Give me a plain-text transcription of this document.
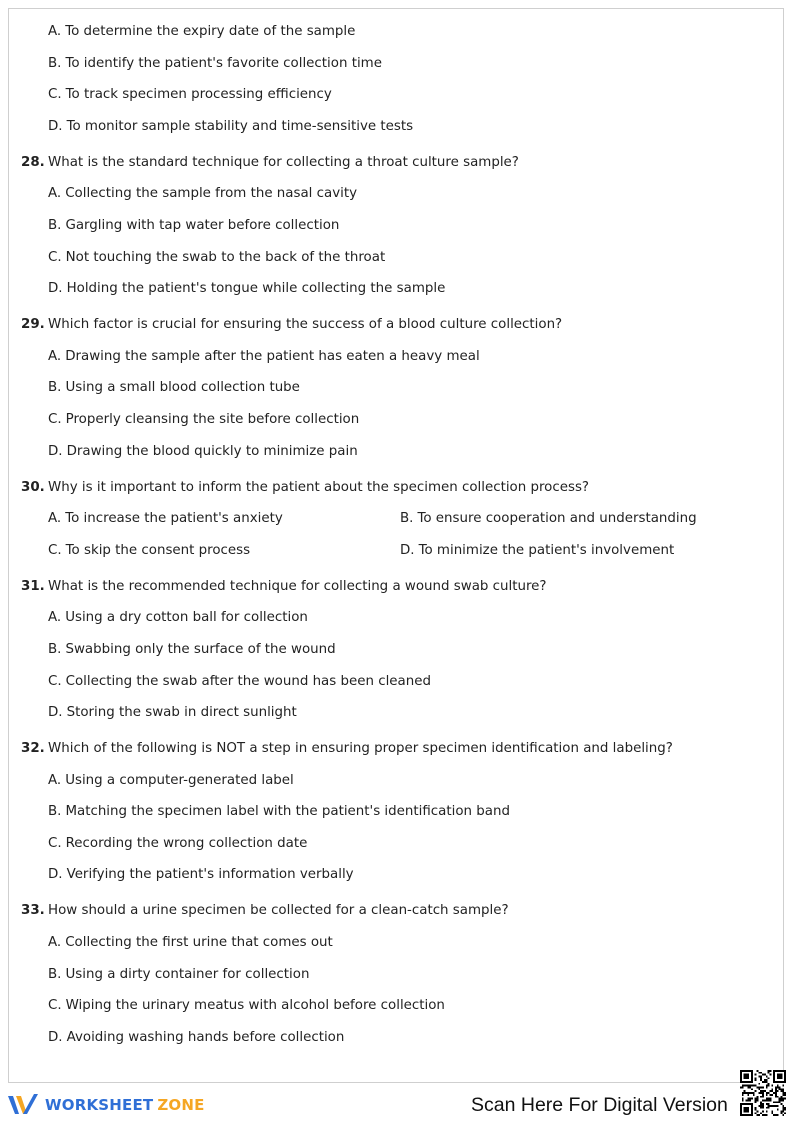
A. To determine the expiry date of the sample
B. To identify the patient's favorite collection time
C. To track specimen processing efficiency
D. To monitor sample stability and time-sensitive tests
28. What is the standard technique for collecting a throat culture sample?
A. Collecting the sample from the nasal cavity
B. Gargling with tap water before collection
C. Not touching the swab to the back of the throat
D. Holding the patient's tongue while collecting the sample
29. Which factor is crucial for ensuring the success of a blood culture collection?
A. Drawing the sample after the patient has eaten a heavy meal
B. Using a small blood collection tube
C. Properly cleansing the site before collection
D. Drawing the blood quickly to minimize pain
30. Why is it important to inform the patient about the specimen collection process?
A. To increase the patient's anxiety	B. To ensure cooperation and understanding
C. To skip the consent process	D. To minimize the patient's involvement
31. What is the recommended technique for collecting a wound swab culture?
A. Using a dry cotton ball for collection
B. Swabbing only the surface of the wound
C. Collecting the swab after the wound has been cleaned
D. Storing the swab in direct sunlight
32. Which of the following is NOT a step in ensuring proper specimen identification and labeling?
A. Using a computer-generated label
B. Matching the specimen label with the patient's identification band
C. Recording the wrong collection date
D. Verifying the patient's information verbally
33. How should a urine specimen be collected for a clean-catch sample?
A. Collecting the first urine that comes out
B. Using a dirty container for collection
C. Wiping the urinary meatus with alcohol before collection
D. Avoiding washing hands before collection
WORKSHEET ZONE	Scan Here For Digital Version
